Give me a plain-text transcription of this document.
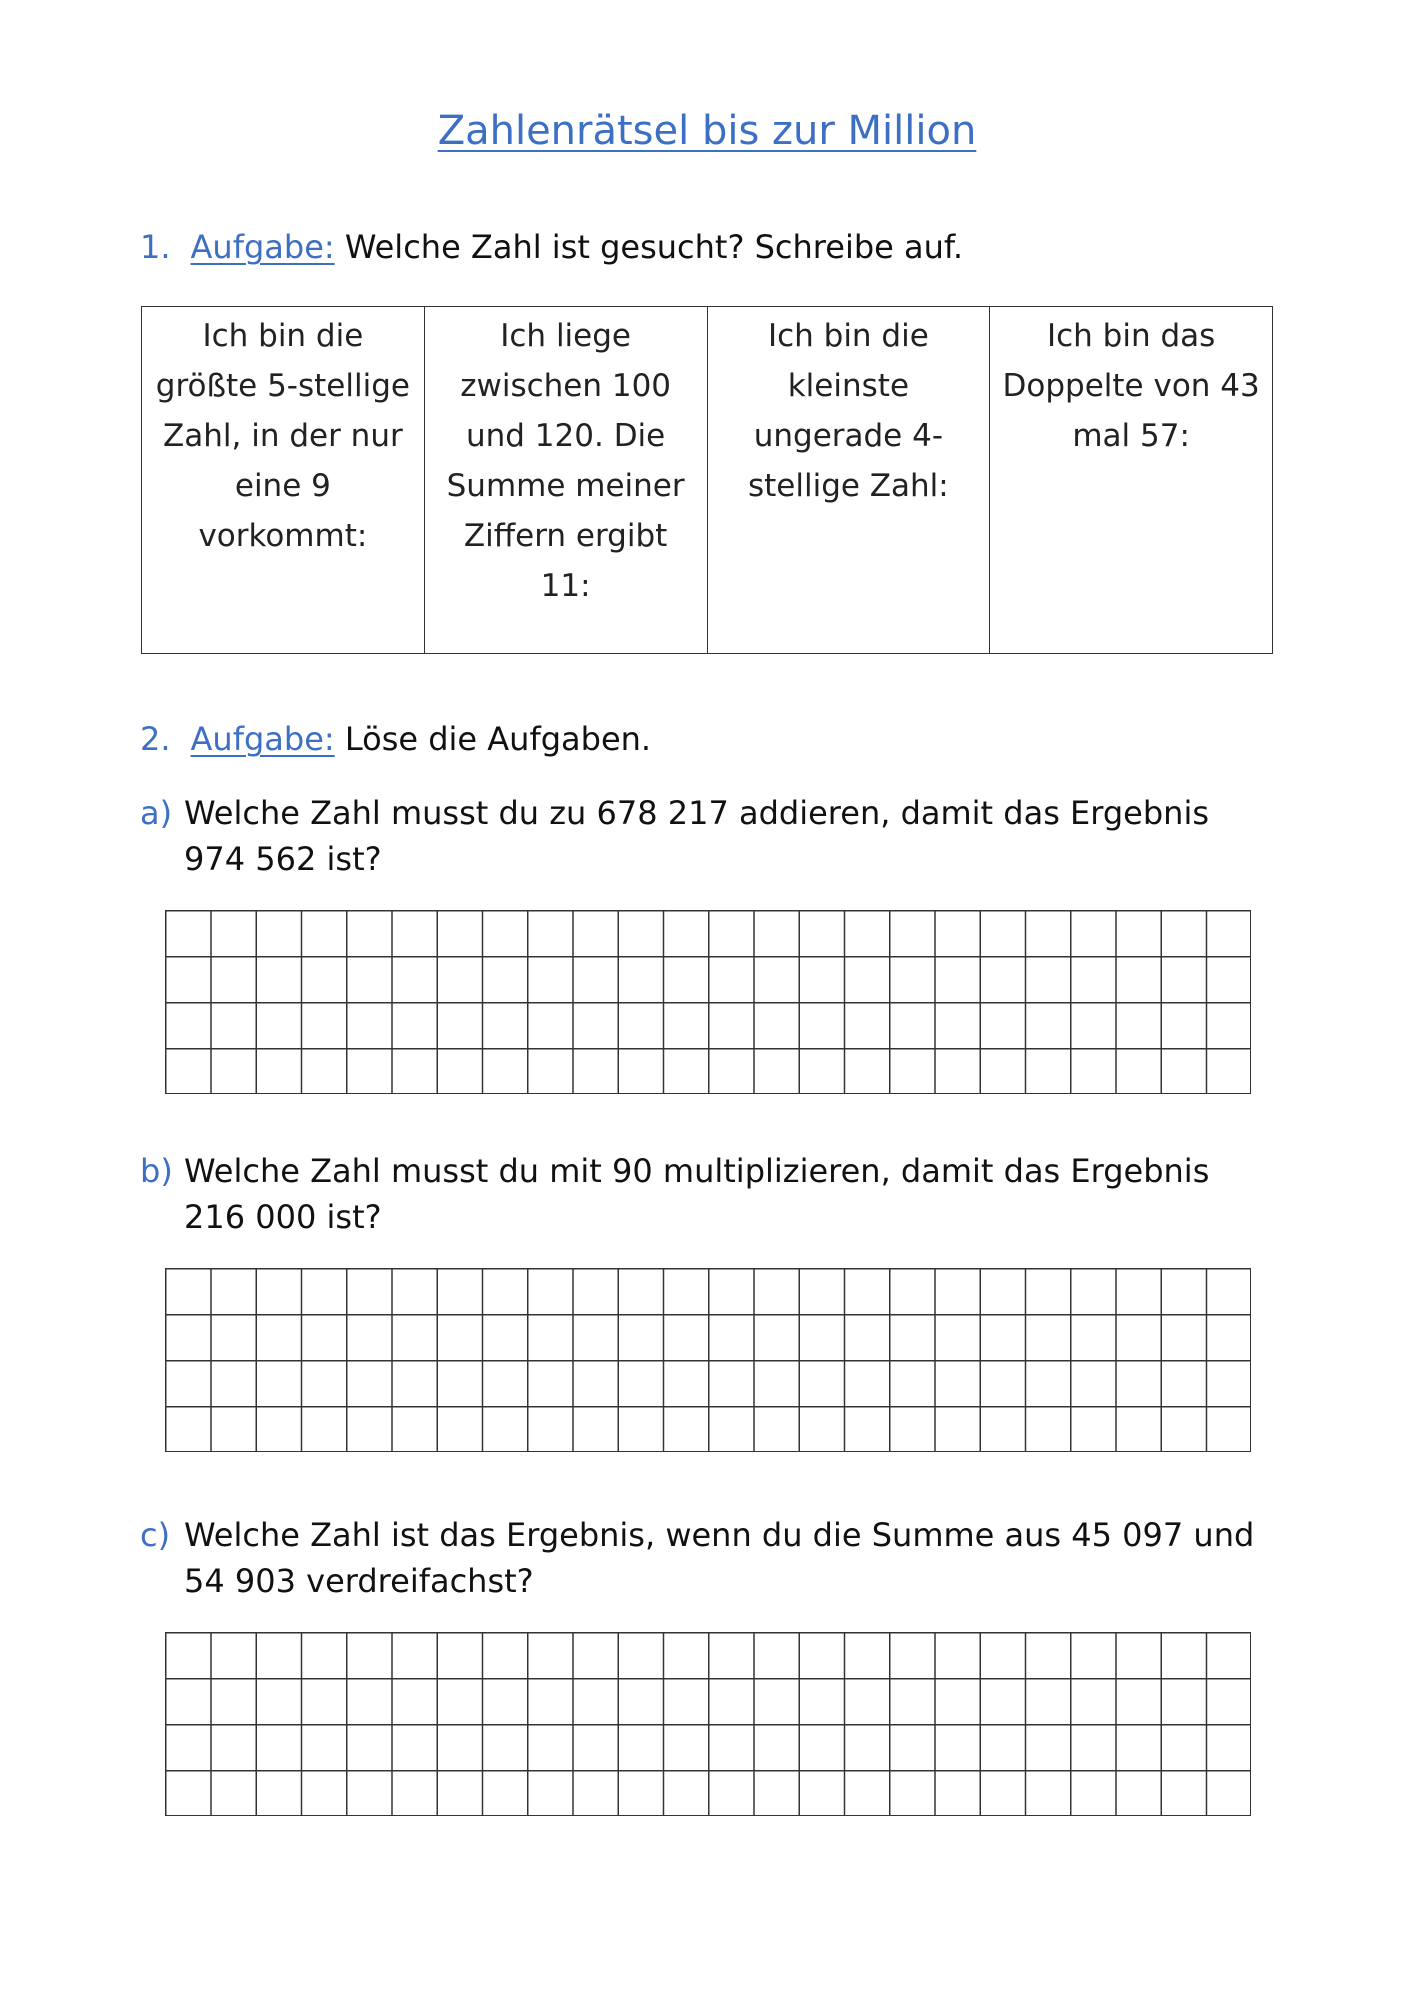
Zahlenrätsel bis zur Million
1. Aufgabe: Welche Zahl ist gesucht? Schreibe auf.
Ich bin die größte 5-stellige Zahl, in der nur eine 9 vorkommt:	Ich liege zwischen 100 und 120. Die Summe meiner Ziffern ergibt 11:	Ich bin die kleinste ungerade 4-stellige Zahl:	Ich bin das Doppelte von 43 mal 57:
2. Aufgabe: Löse die Aufgaben.
a) Welche Zahl musst du zu 678 217 addieren, damit das Ergebnis 974 562 ist?
b) Welche Zahl musst du mit 90 multiplizieren, damit das Ergebnis 216 000 ist?
c) Welche Zahl ist das Ergebnis, wenn du die Summe aus 45 097 und 54 903 verdreifachst?
